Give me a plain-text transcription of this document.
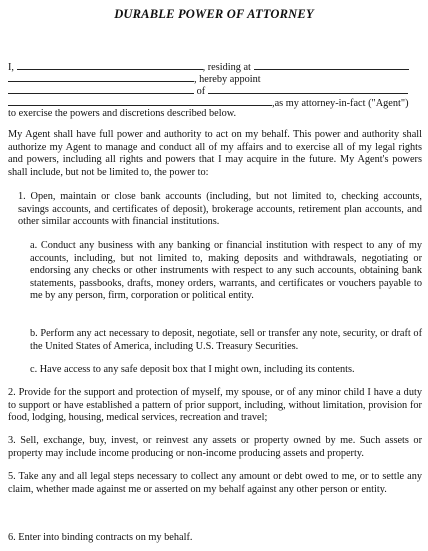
DURABLE POWER OF ATTORNEY
I,	, residing at
, hereby appoint
of
,as my attorney-in-fact ("Agent")
to exercise the powers and discretions described below.
My Agent shall have full power and authority to act on my behalf. This power and authority shall authorize my Agent to manage and conduct all of my affairs and to exercise all of my legal rights and powers, including all rights and powers that I may acquire in the future. My Agent's powers shall include, but not be limited to, the power to:
1. Open, maintain or close bank accounts (including, but not limited to, checking accounts, savings accounts, and certificates of deposit), brokerage accounts, retirement plan accounts, and other similar accounts with financial institutions.
a. Conduct any business with any banking or financial institution with respect to any of my accounts, including, but not limited to, making deposits and withdrawals, negotiating or endorsing any checks or other instruments with respect to any such accounts, obtaining bank statements, passbooks, drafts, money orders, warrants, and certificates or vouchers payable to me by any person, firm, corporation or political entity.
b. Perform any act necessary to deposit, negotiate, sell or transfer any note, security, or draft of the United States of America, including U.S. Treasury Securities.
c. Have access to any safe deposit box that I might own, including its contents.
2. Provide for the support and protection of myself, my spouse, or of any minor child I have a duty to support or have established a pattern of prior support, including, without limitation, provision for food, lodging, housing, medical services, recreation and travel;
3. Sell, exchange, buy, invest, or reinvest any assets or property owned by me. Such assets or property may include income producing or non-income producing assets and property.
5. Take any and all legal steps necessary to collect any amount or debt owed to me, or to settle any claim, whether made against me or asserted on my behalf against any other person or entity.
6. Enter into binding contracts on my behalf.
